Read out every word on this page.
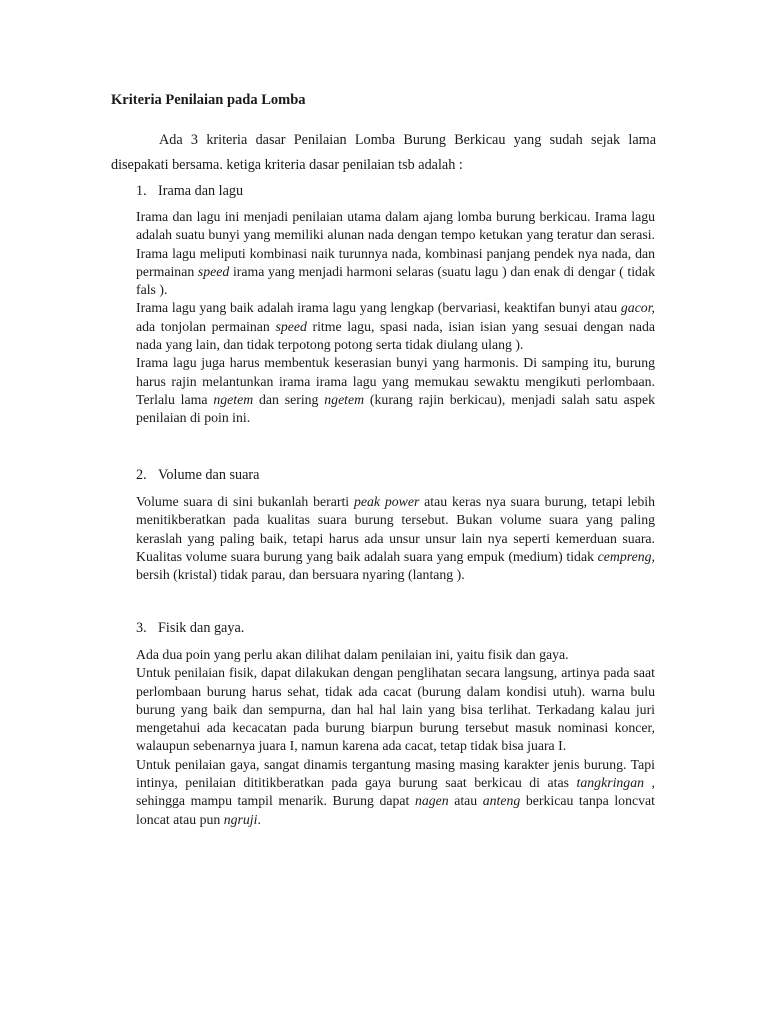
Kriteria Penilaian pada Lomba

Ada 3 kriteria dasar Penilaian Lomba Burung Berkicau yang sudah sejak lama disepakati bersama. ketiga kriteria dasar penilaian tsb adalah :

1. Irama dan lagu

Irama dan lagu ini menjadi penilaian utama dalam ajang lomba burung berkicau. Irama lagu adalah suatu bunyi yang memiliki alunan nada dengan tempo ketukan yang teratur dan serasi. Irama lagu meliputi kombinasi naik turunnya nada, kombinasi panjang pendek nya nada, dan permainan speed irama yang menjadi harmoni selaras (suatu lagu ) dan enak di dengar ( tidak fals ).

Irama lagu yang baik adalah irama lagu yang lengkap (bervariasi, keaktifan bunyi atau gacor, ada tonjolan permainan speed ritme lagu, spasi nada, isian isian yang sesuai dengan nada nada yang lain, dan tidak terpotong potong serta tidak diulang ulang ).

Irama lagu juga harus membentuk keserasian bunyi yang harmonis. Di samping itu, burung harus rajin melantunkan irama irama lagu yang memukau sewaktu mengikuti perlombaan. Terlalu lama ngetem dan sering ngetem (kurang rajin berkicau), menjadi salah satu aspek penilaian di poin ini.

2. Volume dan suara

Volume suara di sini bukanlah berarti peak power atau keras nya suara burung, tetapi lebih menitikberatkan pada kualitas suara burung tersebut. Bukan volume suara yang paling keraslah yang paling baik, tetapi harus ada unsur unsur lain nya seperti kemerduan suara. Kualitas volume suara burung yang baik adalah suara yang empuk (medium) tidak cempreng, bersih (kristal) tidak parau, dan bersuara nyaring (lantang ).

3. Fisik dan gaya.

Ada dua poin yang perlu akan dilihat dalam penilaian ini, yaitu fisik dan gaya.

Untuk penilaian fisik, dapat dilakukan dengan penglihatan secara langsung, artinya pada saat perlombaan burung harus sehat, tidak ada cacat (burung dalam kondisi utuh). warna bulu burung yang baik dan sempurna, dan hal hal lain yang bisa terlihat. Terkadang kalau juri mengetahui ada kecacatan pada burung biarpun burung tersebut masuk nominasi koncer, walaupun sebenarnya juara I, namun karena ada cacat, tetap tidak bisa juara I.

Untuk penilaian gaya, sangat dinamis tergantung masing masing karakter jenis burung. Tapi intinya, penilaian dititikberatkan pada gaya burung saat berkicau di atas tangkringan , sehingga mampu tampil menarik. Burung dapat nagen atau anteng berkicau tanpa loncvat loncat atau pun ngruji.
